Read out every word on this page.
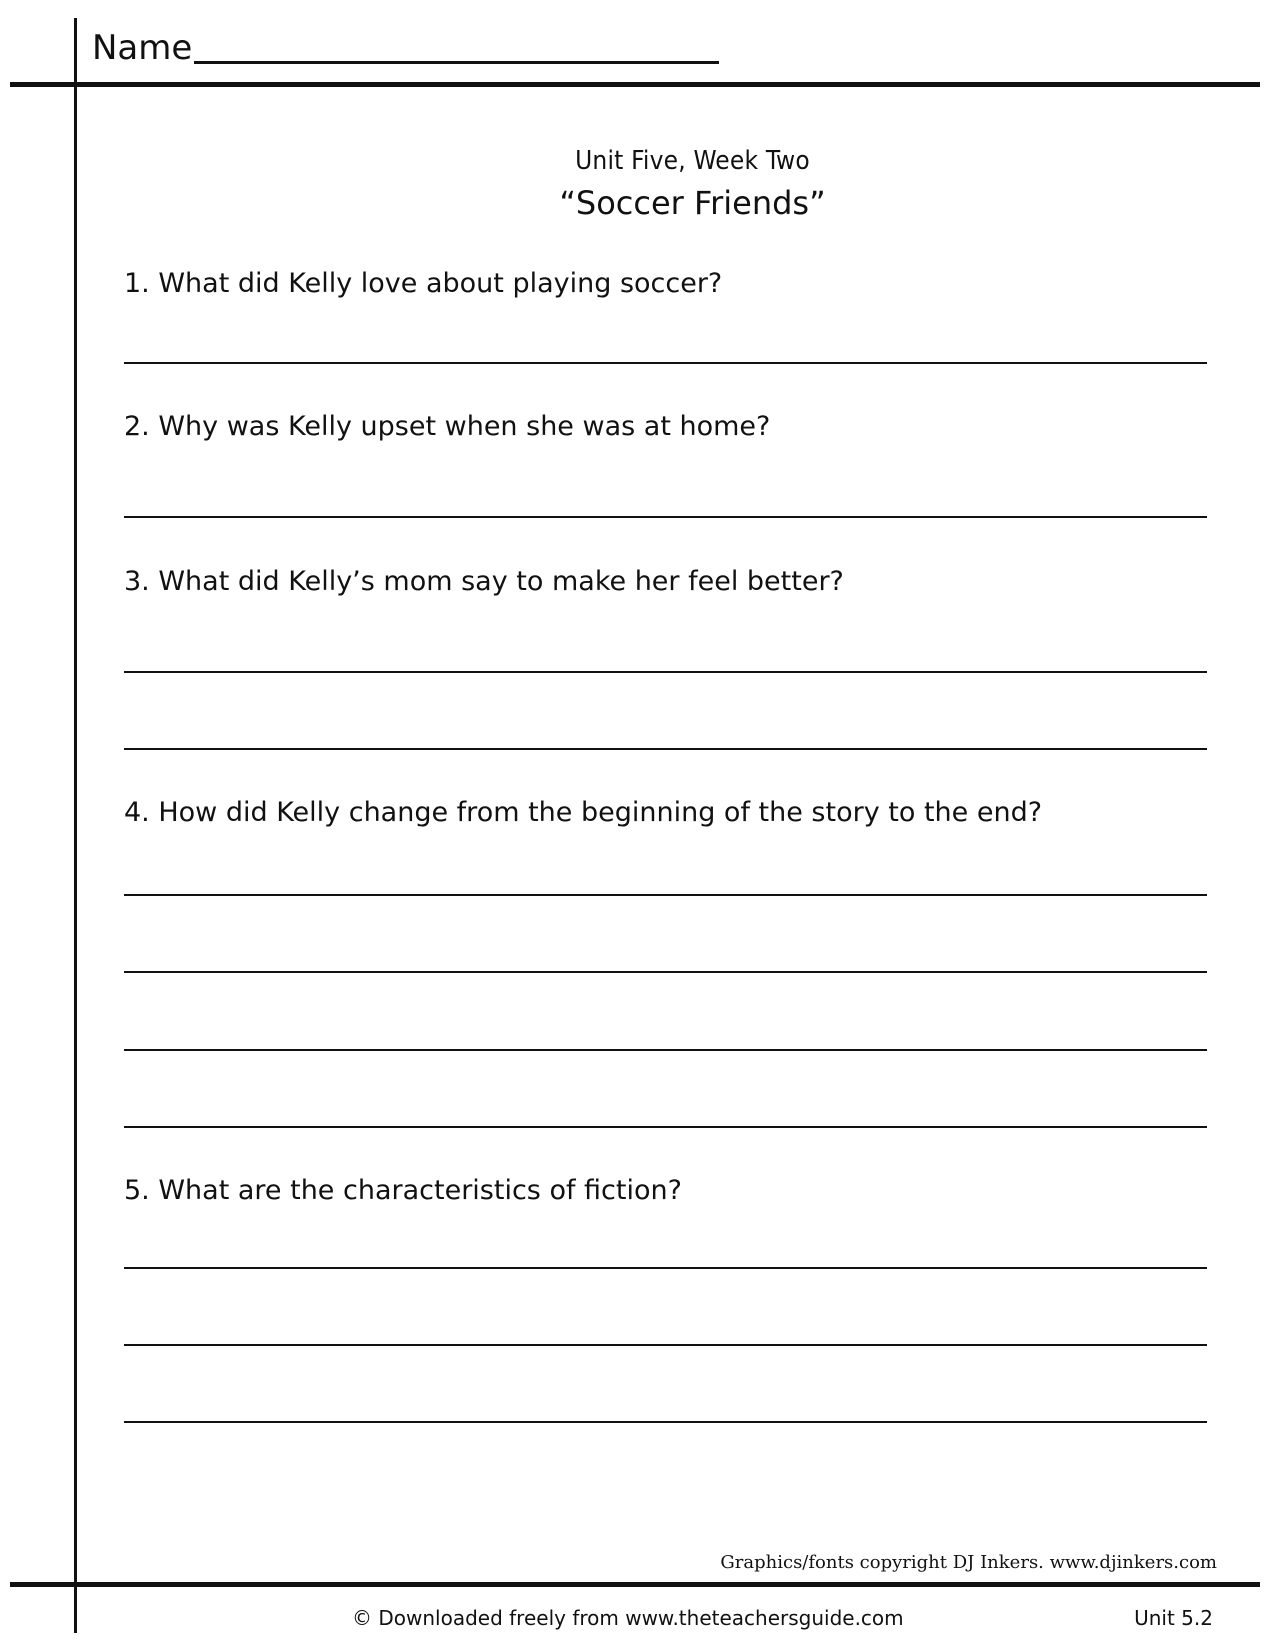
Name
Unit Five, Week Two
“Soccer Friends”
1. What did Kelly love about playing soccer?
2. Why was Kelly upset when she was at home?
3. What did Kelly’s mom say to make her feel better?
4. How did Kelly change from the beginning of the story to the end?
5. What are the characteristics of fiction?
Graphics/fonts copyright DJ Inkers. www.djinkers.com
© Downloaded freely from www.theteachersguide.com	Unit 5.2
